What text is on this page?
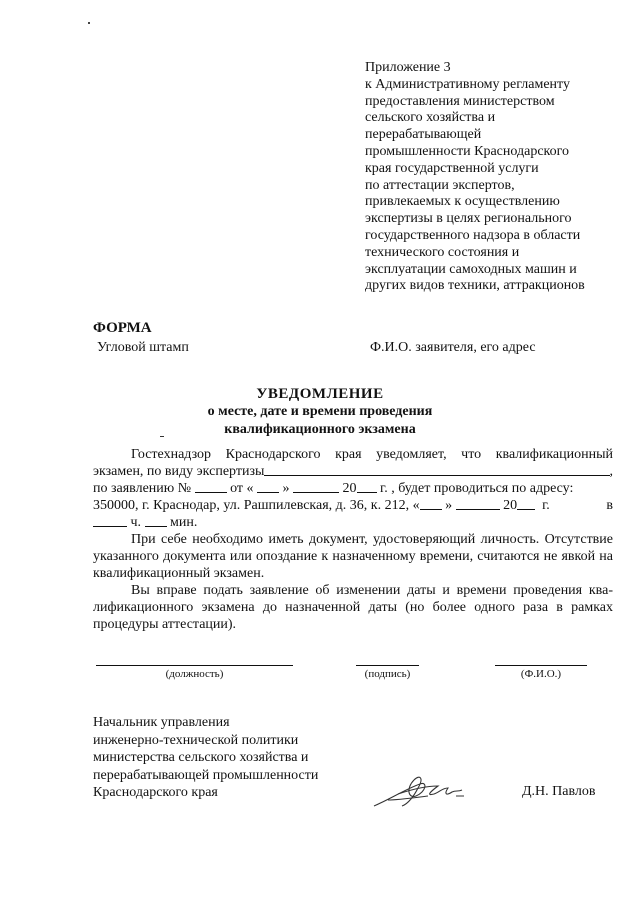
Приложение 3
к Административному регламенту
предоставления министерством
сельского хозяйства и
перерабатывающей
промышленности Краснодарского
края государственной услуги
по аттестации экспертов,
привлекаемых к осуществлению
экспертизы в целях регионального
государственного надзора в области
технического состояния и
эксплуатации самоходных машин и
других видов техники, аттракционов
ФОРМА
Угловой штамп	Ф.И.О. заявителя, его адрес
УВЕДОМЛЕНИЕ
о месте, дате и времени проведения
квалификационного экзамена
Гостехнадзор Краснодарского края уведомляет, что квалификационный
экзамен, по виду экспертизы	,
по заявлению №

	от «

»

	20
г. , будет проводиться по адресу:
350000, г. Краснодар, ул. Рашпилевская, д. 36, к. 212, «
»

	20
г.	в

ч.

мин.

При себе необходимо иметь документ, удостоверяющий личность. Отсутствие указанного документа или опоздание к назначенному времени, считаются не явкой на квалификационный экзамен.

Вы вправе подать заявление об изменении даты и времени проведения квалификационного экзамена до назначенной даты (но более одного раза в рамках процедуры аттестации).

(должность)	(подпись)	(Ф.И.О.)
Начальник управления
инженерно-технической политики
министерства сельского хозяйства и
перерабатывающей промышленности
Краснодарского края	Д.Н. Павлов
